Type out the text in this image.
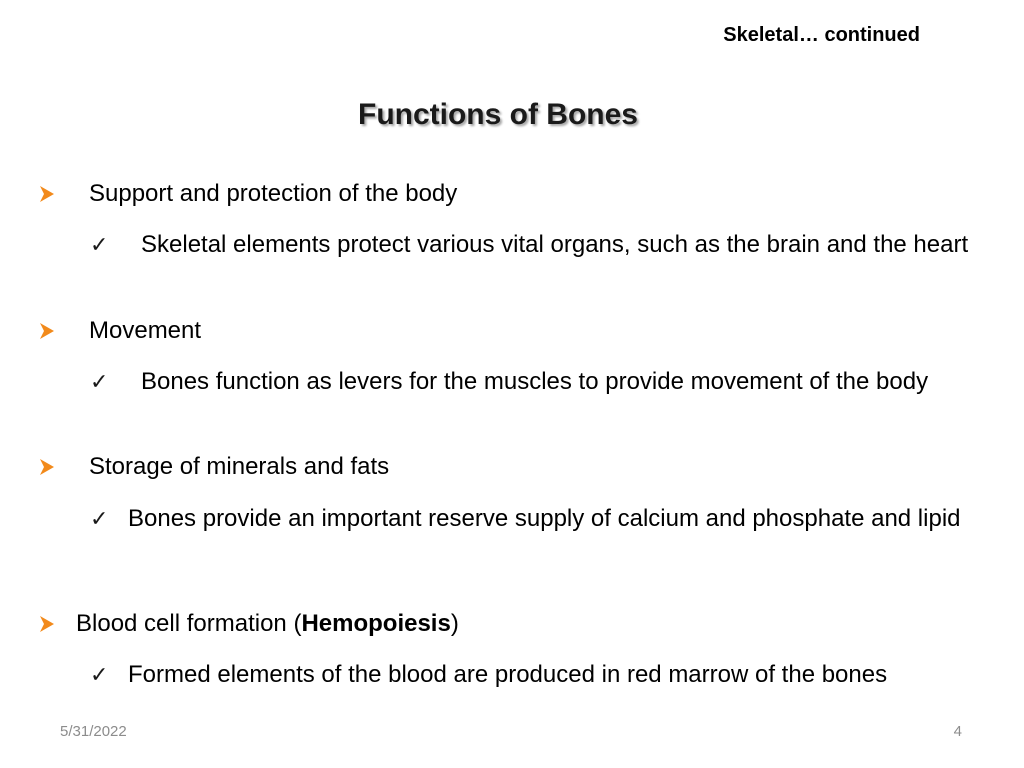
Skeletal… continued
Functions of Bones
Support and protection of the body
✓ Skeletal elements protect various vital organs, such as the brain and the heart
Movement
✓ Bones function as levers for the muscles to provide movement of the body
Storage of minerals and fats
✓ Bones provide an important reserve supply of calcium and phosphate and lipid
Blood cell formation (Hemopoiesis)
✓ Formed elements of the blood are produced in red marrow of the bones
5/31/2022	4
